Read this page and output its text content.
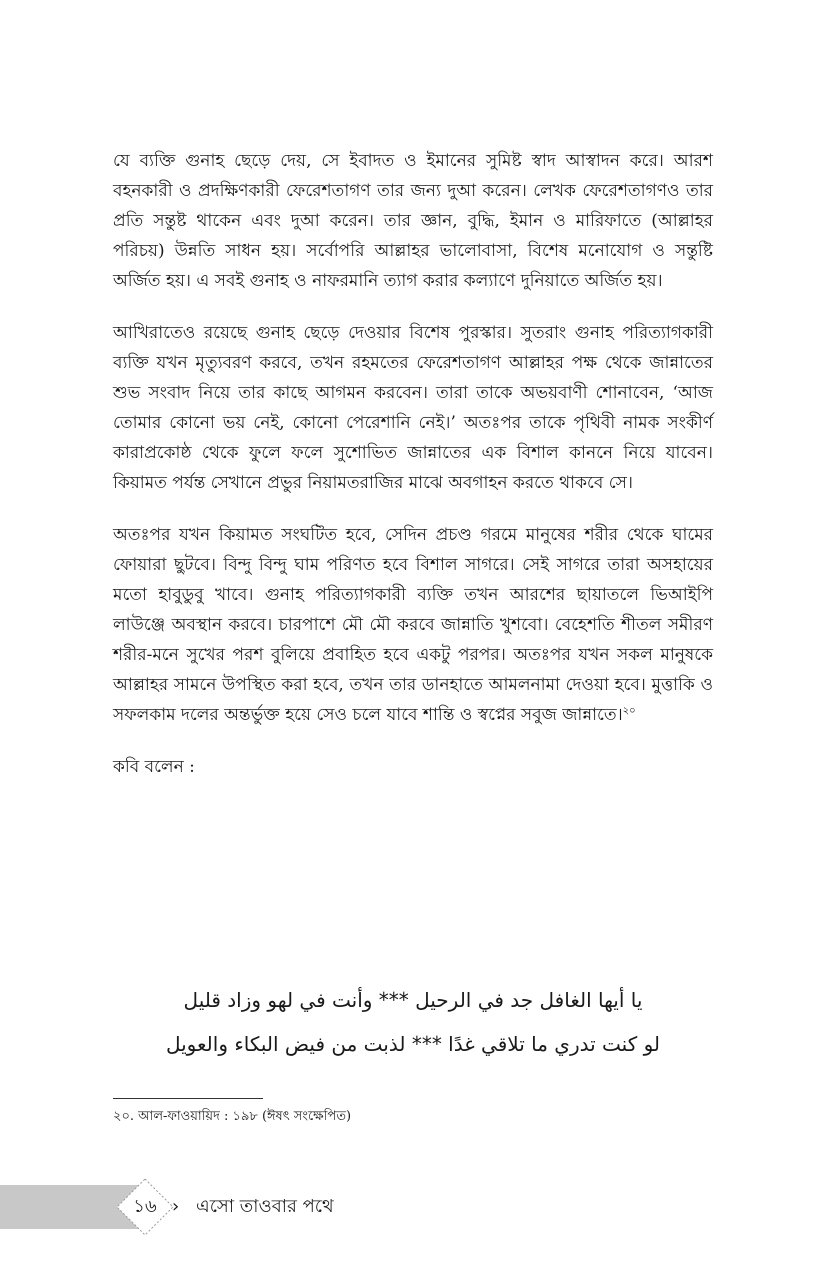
যে ব্যক্তি গুনাহ ছেড়ে দেয়, সে ইবাদত ও ইমানের সুমিষ্ট স্বাদ আস্বাদন করে। আরশ বহনকারী ও প্রদক্ষিণকারী ফেরেশতাগণ তার জন্য দুআ করেন। লেখক ফেরেশতাগণও তার প্রতি সন্তুষ্ট থাকেন এবং দুআ করেন। তার জ্ঞান, বুদ্ধি, ইমান ও মারিফাতে (আল্লাহর পরিচয়) উন্নতি সাধন হয়। সর্বোপরি আল্লাহর ভালোবাসা, বিশেষ মনোযোগ ও সন্তুষ্টি অর্জিত হয়। এ সবই গুনাহ ও নাফরমানি ত্যাগ করার কল্যাণে দুনিয়াতে অর্জিত হয়।

আখিরাতেও রয়েছে গুনাহ ছেড়ে দেওয়ার বিশেষ পুরস্কার। সুতরাং গুনাহ পরিত্যাগকারী ব্যক্তি যখন মৃত্যুবরণ করবে, তখন রহমতের ফেরেশতাগণ আল্লাহর পক্ষ থেকে জান্নাতের শুভ সংবাদ নিয়ে তার কাছে আগমন করবেন। তারা তাকে অভয়বাণী শোনাবেন, ‘আজ তোমার কোনো ভয় নেই, কোনো পেরেশানি নেই।’ অতঃপর তাকে পৃথিবী নামক সংকীর্ণ কারাপ্রকোষ্ঠ থেকে ফুলে ফলে সুশোভিত জান্নাতের এক বিশাল কাননে নিয়ে যাবেন। কিয়ামত পর্যন্ত সেখানে প্রভুর নিয়ামতরাজির মাঝে অবগাহন করতে থাকবে সে।

অতঃপর যখন কিয়ামত সংঘটিত হবে, সেদিন প্রচণ্ড গরমে মানুষের শরীর থেকে ঘামের ফোয়ারা ছুটবে। বিন্দু বিন্দু ঘাম পরিণত হবে বিশাল সাগরে। সেই সাগরে তারা অসহায়ের মতো হাবুডুবু খাবে। গুনাহ পরিত্যাগকারী ব্যক্তি তখন আরশের ছায়াতলে ভিআইপি লাউঞ্জে অবস্থান করবে। চারপাশে মৌ মৌ করবে জান্নাতি খুশবো। বেহেশতি শীতল সমীরণ শরীর-মনে সুখের পরশ বুলিয়ে প্রবাহিত হবে একটু পরপর। অতঃপর যখন সকল মানুষকে আল্লাহর সামনে উপস্থিত করা হবে, তখন তার ডানহাতে আমলনামা দেওয়া হবে। মুত্তাকি ও সফলকাম দলের অন্তর্ভুক্ত হয়ে সেও চলে যাবে শান্তি ও স্বপ্নের সবুজ জান্নাতে।$^{২০}$

কবি বলেন :

يا أيها الغافل جد في الرحيل *** وأنت في لهو وزاد قليل

لو كنت تدري ما تلاقي غدًا *** لذبت من فيض البكاء والعويل

২০. আল-ফাওয়ায়িদ : ১৯৮ (ঈষৎ সংক্ষেপিত)

১৬ › এসো তাওবার পথে
